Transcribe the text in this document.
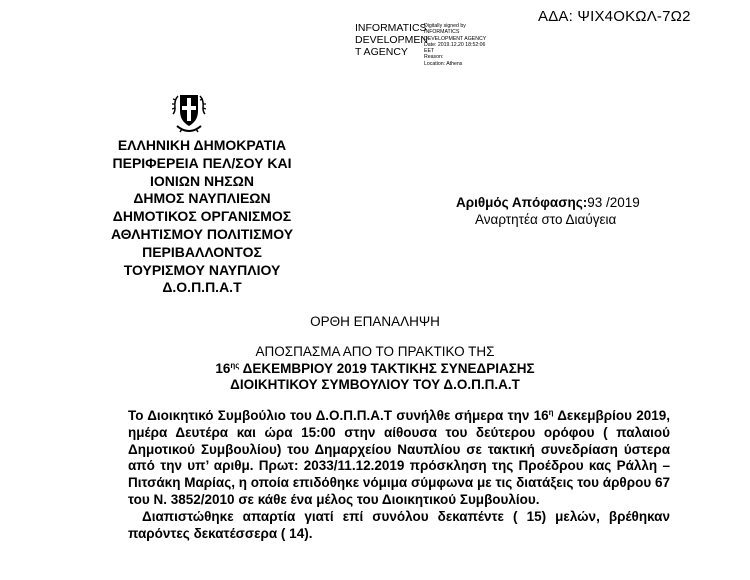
ΑΔΑ: ΨΙΧ4ΟΚΩΛ-7Ω2
INFORMATICS
DEVELOPMEN
T AGENCY
Digitally signed by
INFORMATICS
DEVELOPMENT AGENCY
Date: 2019.12.20 18:52:06
EET
Reason:
Location: Athens
ΕΛΛΗΝΙΚΗ ΔΗΜΟΚΡΑΤΙΑ
ΠΕΡΙΦΕΡΕΙΑ ΠΕΛ/ΣΟΥ ΚΑΙ
ΙΟΝΙΩΝ ΝΗΣΩΝ
ΔΗΜΟΣ ΝΑΥΠΛΙΕΩΝ
ΔΗΜΟΤΙΚΟΣ ΟΡΓΑΝΙΣΜΟΣ
ΑΘΛΗΤΙΣΜΟΥ ΠΟΛΙΤΙΣΜΟΥ
ΠΕΡΙΒΑΛΛΟΝΤΟΣ
ΤΟΥΡΙΣΜΟΥ ΝΑΥΠΛΙΟΥ
Δ.Ο.Π.Π.Α.Τ
Αριθμός Απόφασης:93 /2019
Αναρτητέα στο Διαύγεια
ΟΡΘΗ ΕΠΑΝΑΛΗΨΗ
ΑΠΟΣΠΑΣΜΑ ΑΠΟ ΤΟ ΠΡΑΚΤΙΚΟ ΤΗΣ
$16^{\eta\varsigma}$ ΔΕΚΕΜΒΡΙΟΥ 2019 ΤΑΚΤΙΚΗΣ ΣΥΝΕΔΡΙΑΣΗΣ
ΔΙΟΙΚΗΤΙΚΟΥ ΣΥΜΒΟΥΛΙΟΥ ΤΟΥ Δ.Ο.Π.Π.Α.Τ

Το Διοικητικό Συμβούλιο του Δ.Ο.Π.Π.Α.Τ συνήλθε σήμερα την $16^\eta$ Δεκεμβρίου 2019, ημέρα Δευτέρα και ώρα 15:00 στην αίθουσα του δεύτερου ορόφου ( παλαιού Δημοτικού Συμβουλίου) του Δημαρχείου Ναυπλίου σε τακτική συνεδρίαση ύστερα από την υπ’ αριθμ. Πρωτ: 2033/11.12.2019 πρόσκληση της Προέδρου κας Ράλλη – Πιτσάκη Μαρίας, η οποία επιδόθηκε νόμιμα σύμφωνα με τις διατάξεις του άρθρου 67 του Ν. 3852/2010 σε κάθε ένα μέλος του Διοικητικού Συμβουλίου.

Διαπιστώθηκε απαρτία γιατί επί συνόλου δεκαπέντε ( 15) μελών, βρέθηκαν παρόντες δεκατέσσερα ( 14).
